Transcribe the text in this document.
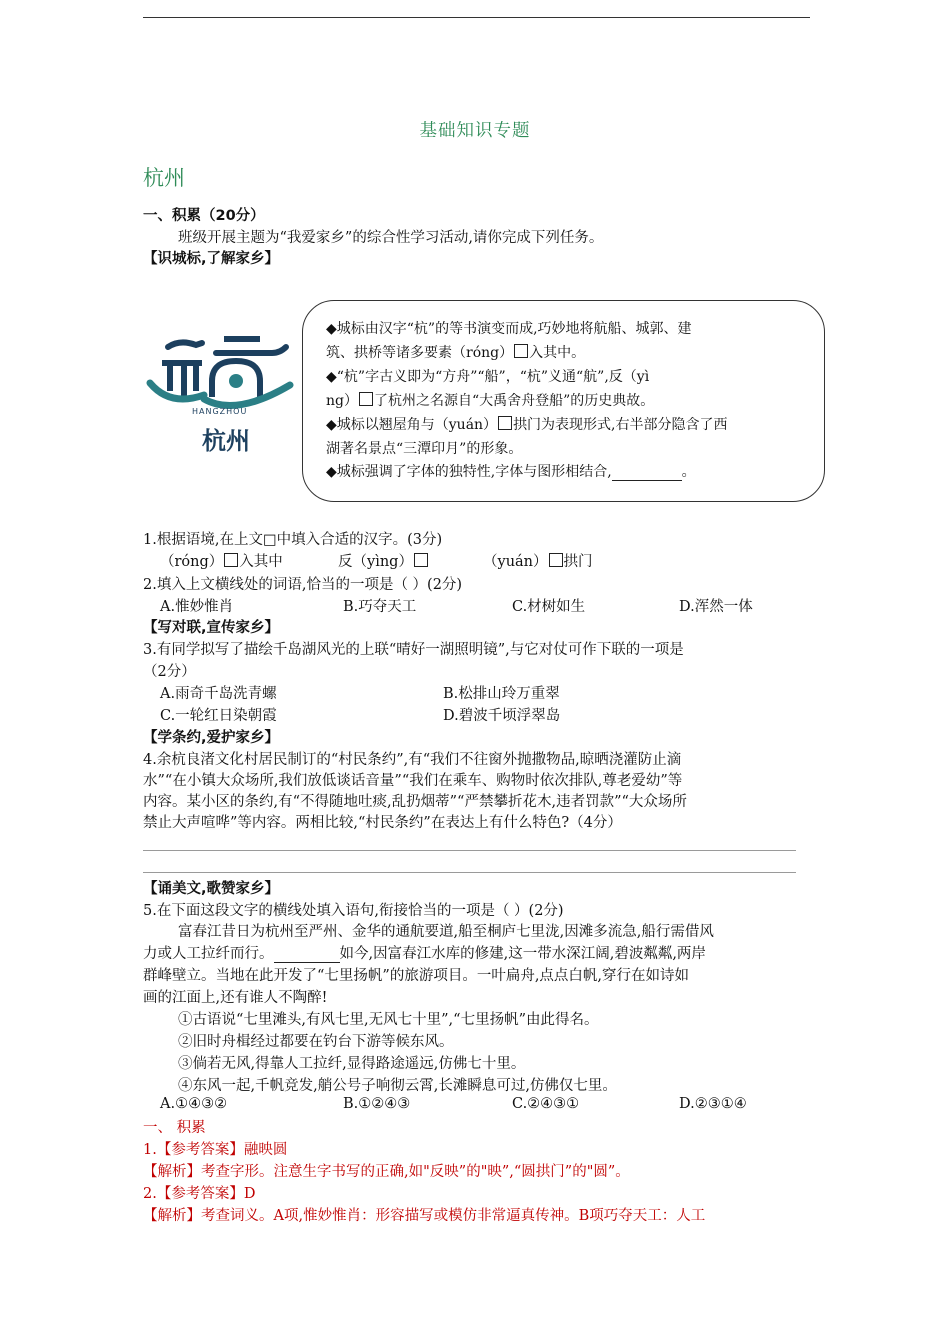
基础知识专题
杭州
一、积累（20分）
班级开展主题为“我爱家乡”的综合性学习活动,请你完成下列任务。
【识城标,了解家乡】
HANGZHOU
杭州
◆城标由汉字“杭”的等书演变而成,巧妙地将航船、城郭、建
筑、拱桥等诸多要素（róng） 入其中。
◆“杭”字古义即为“方舟”“船”，“杭”义通“航”,反（yì
ng） 了杭州之名源自“大禹舍舟登船”的历史典故。
◆城标以翘屋角与（yuán） 拱门为表现形式,右半部分隐含了西
湖著名景点“三潭印月”的形象。
◆城标强调了字体的独特性,字体与图形相结合,	。
1.根据语境,在上文□中填入合适的汉字。(3分)
（róng） 入其中	反（yìng）	（yuán） 拱门
2.填入上文横线处的词语,恰当的一项是（ ）(2分)
A.惟妙惟肖	B.巧夺天工	C.材树如生	D.浑然一体
【写对联,宣传家乡】
3.有同学拟写了描绘千岛湖风光的上联“晴好一湖照明镜”,与它对仗可作下联的一项是
（2分）
A.雨奇千岛洗青螺	B.松排山玲万重翠
C.一轮红日染朝霞	D.碧波千顷浮翠岛
【学条约,爱护家乡】
4.余杭良渚文化村居民制订的“村民条约”,有“我们不往窗外抛撒物品,晾晒浇灌防止滴
水”“在小镇大众场所,我们放低谈话音量”“我们在乘车、购物时依次排队,尊老爱幼”等
内容。某小区的条约,有“不得随地吐痰,乱扔烟蒂”“严禁攀折花木,违者罚款”“大众场所
禁止大声喧哗”等内容。两相比较,“村民条约”在表达上有什么特色?（4分）
【诵美文,歌赞家乡】
5.在下面这段文字的横线处填入语句,衔接恰当的一项是（ ）(2分)
富春江昔日为杭州至严州、金华的通航要道,船至桐庐七里泷,因滩多流急,船行需借风
力或人工拉纤而行。	如今,因富春江水库的修建,这一带水深江阔,碧波粼粼,两岸
群峰壁立。当地在此开发了“七里扬帆”的旅游项目。一叶扁舟,点点白帆,穿行在如诗如
画的江面上,还有谁人不陶醉!
①古语说“七里滩头,有风七里,无风七十里”,“七里扬帆”由此得名。
②旧时舟楫经过都要在钓台下游等候东风。
③倘若无风,得靠人工拉纤,显得路途遥远,仿佛七十里。
④东风一起,千帆竞发,艄公号子响彻云霄,长滩瞬息可过,仿佛仅七里。
A.①④③②	B.①②④③	C.②④③①	D.②③①④
一、 积累
1.【参考答案】融映圆
【解析】考查字形。注意生字书写的正确,如"反映”的"映”,“圆拱门”的"圆”。
2.【参考答案】D
【解析】考查词义。A项,惟妙惟肖：形容描写或模仿非常逼真传神。B项巧夺天工：人工
